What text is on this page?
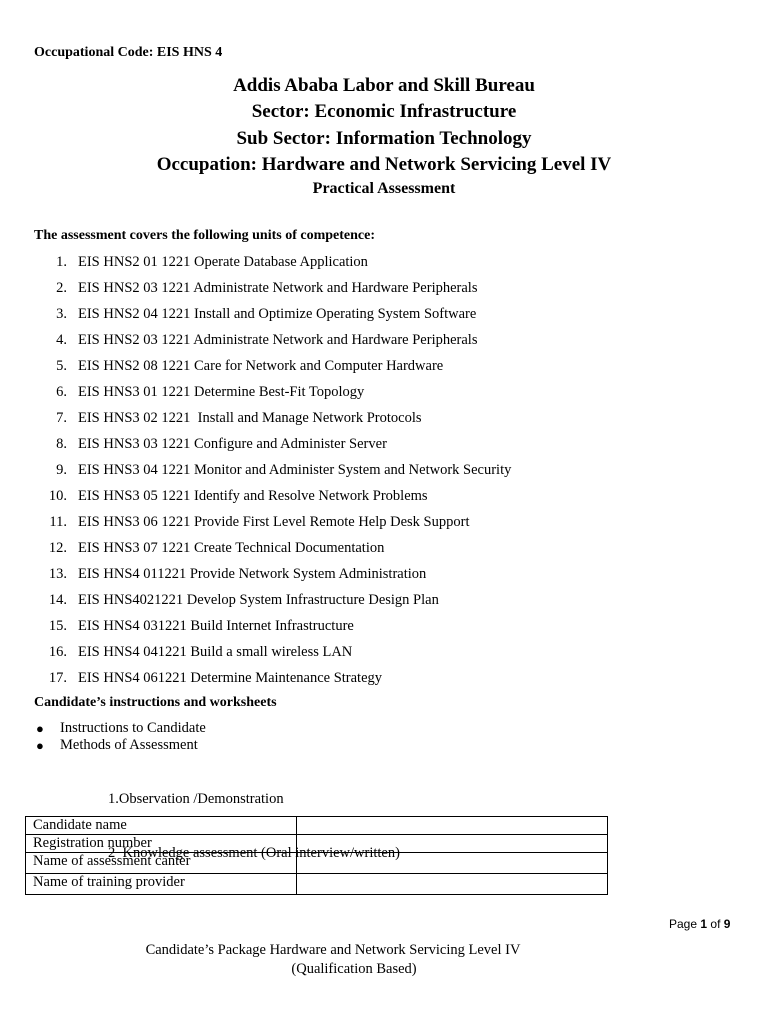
Occupational Code: EIS HNS 4
Addis Ababa Labor and Skill Bureau
Sector: Economic Infrastructure
Sub Sector: Information Technology
Occupation: Hardware and Network Servicing Level IV
Practical Assessment
The assessment covers the following units of competence:
1. EIS HNS2 01 1221 Operate Database Application
2. EIS HNS2 03 1221 Administrate Network and Hardware Peripherals
3. EIS HNS2 04 1221 Install and Optimize Operating System Software
4. EIS HNS2 03 1221 Administrate Network and Hardware Peripherals
5. EIS HNS2 08 1221 Care for Network and Computer Hardware
6. EIS HNS3 01 1221 Determine Best-Fit Topology
7. EIS HNS3 02 1221  Install and Manage Network Protocols
8. EIS HNS3 03 1221 Configure and Administer Server
9. EIS HNS3 04 1221 Monitor and Administer System and Network Security
10. EIS HNS3 05 1221 Identify and Resolve Network Problems
11. EIS HNS3 06 1221 Provide First Level Remote Help Desk Support
12. EIS HNS3 07 1221 Create Technical Documentation
13. EIS HNS4 011221 Provide Network System Administration
14. EIS HNS4021221 Develop System Infrastructure Design Plan
15. EIS HNS4 031221 Build Internet Infrastructure
16. EIS HNS4 041221 Build a small wireless LAN
17. EIS HNS4 061221 Determine Maintenance Strategy
Candidate’s instructions and worksheets
● Instructions to Candidate
● Methods of Assessment

1.Observation /Demonstration

2  Knowledge assessment (Oral interview/written)

Candidate name	
Registration number	
Name of assessment canter	
Name of training provider	
Page 1 of 9
Candidate’s Package Hardware and Network Servicing Level IV
(Qualification Based)
